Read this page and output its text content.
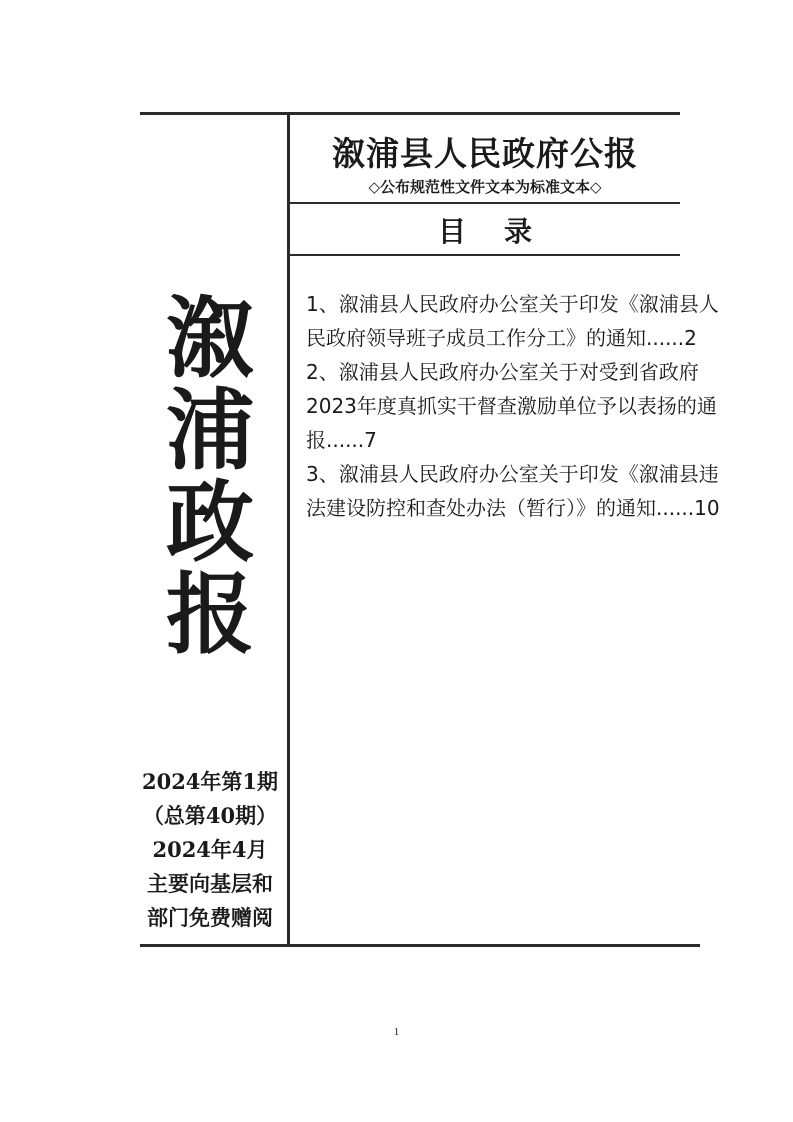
溆浦县人民政府公报
◇公布规范性文件文本为标准文本◇
目录
溆
浦
政
报
2024年第1期
（总第40期）
2024年4月
主要向基层和
部门免费赠阅
1、溆浦县人民政府办公室关于印发《溆浦县人民政府领导班子成员工作分工》的通知......2
2、溆浦县人民政府办公室关于对受到省政府2023年度真抓实干督查激励单位予以表扬的通报......7
3、溆浦县人民政府办公室关于印发《溆浦县违法建设防控和查处办法（暂行）》的通知......10
1
